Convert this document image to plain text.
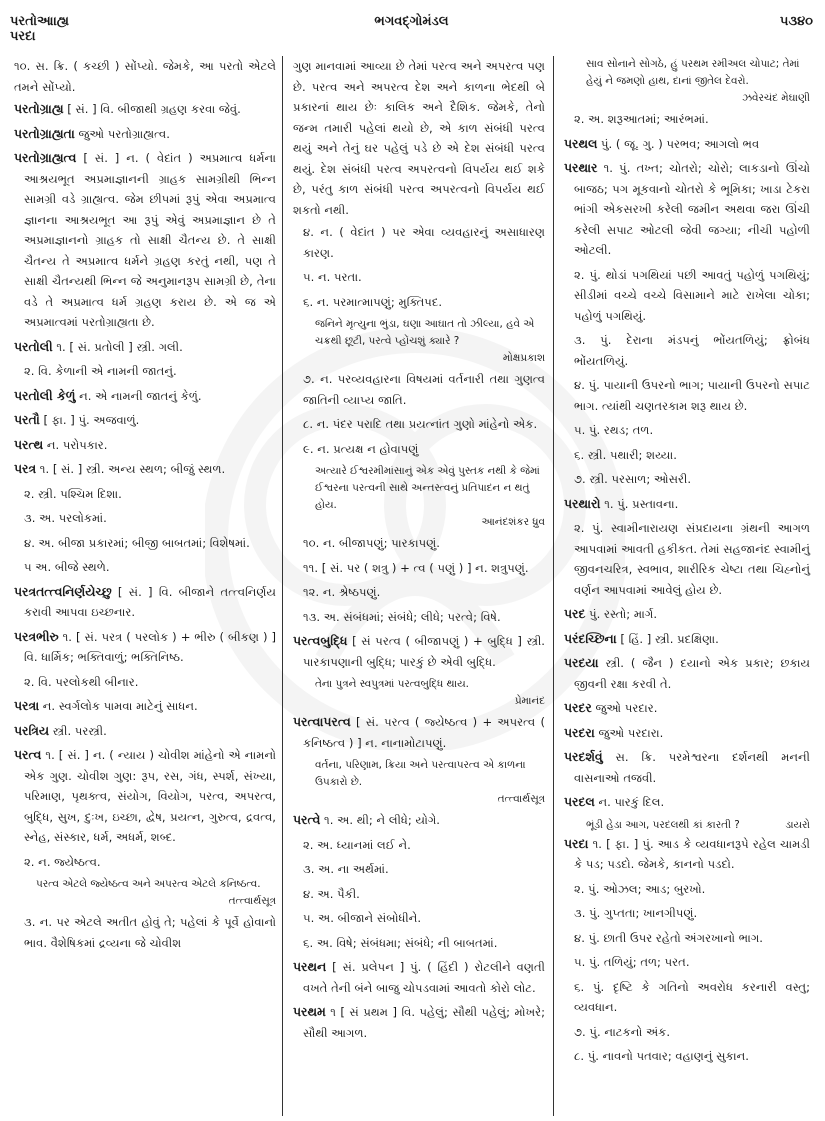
પરતોઆાહ્ય
પરદા
ભગવદ્ગોમંડલ	૫૩૪૦
૧૦. સ. ક્રિ. ( કચ્છી ) સોંપ્યો. જેમકે, આ પરતો એટલે તમને સોંપ્યો.
પરતોગ્રાહ્ય [ સં. ] વિ. બીજાથી ગ્રહણ કરવા જેવું.
પરતોગ્રાહ્યતા જુઓ પરતોગ્રાહ્યત્વ.
પરતોગ્રાહ્યત્વ [ સં. ] ન. ( વેદાંત ) અપ્રમાત્વ ધર્મના આશ્રયભૂત અપ્રમાજ્ઞાનની ગ્રાહક સામગ્રીથી ભિન્ન સામગ્રી વડે ગ્રાહ્યત્વ. જેમ છીપમાં રૂપું એવા અપ્રમાત્વ જ્ઞાનના આશ્રયભૂત આ રૂપું એવું અપ્રમાજ્ઞાન છે તે અપ્રમાજ્ઞાનનો ગ્રાહક તો સાક્ષી ચૈતન્ય છે. તે સાક્ષી ચૈતન્ય તે અપ્રમાત્વ ધર્મને ગ્રહણ કરતું નથી, પણ તે સાક્ષી ચૈતન્યથી ભિન્ન જે અનુમાનરૂપ સામગ્રી છે, તેના વડે તે અપ્રમાત્વ ધર્મ ગ્રહણ કરાય છે. એ જ એ અપ્રમાત્વમાં પરતોગ્રાહ્યતા છે.
પરતોલી ૧. [ સં. પ્રતોલી ] સ્ત્રી. ગલી.
૨. વિ. કેળાની એ નામની જાતનું.
પરતોલી કેળું ન. એ નામની જાતનું કેળું.
પરતૌ [ ફા. ] પું. અજવાળું.
પરત્થ ન. પરોપકાર.
પરત્ર ૧. [ સં. ] સ્ત્રી. અન્ય સ્થળ; બીજું સ્થળ.
૨. સ્ત્રી. પશ્ચિમ દિશા.
૩. અ. પરલોકમાં.
૪. અ. બીજા પ્રકારમાં; બીજી બાબતમાં; વિશેષમાં.
૫ અ. બીજે સ્થળે.
પરત્રતત્ત્વનિર્ણયેચ્છુ [ સં. ] વિ. બીજાને તત્ત્વનિર્ણય કરાવી આપવા ઇચ્છનાર.
પરત્રભીરુ ૧. [ સં. પરત્ર ( પરલોક ) + ભીરુ ( બીકણ ) ] વિ. ધાર્મિક; ભક્તિવાળું; ભક્તિનિષ્ઠ.
૨. વિ. પરલોકથી બીનાર.
પરત્રા ન. સ્વર્ગલોક પામવા માટેનું સાધન.
પરત્રિય સ્ત્રી. પરસ્ત્રી.
પરત્વ ૧. [ સં. ] ન. ( ન્યાય ) ચોવીશ માંહેનો એ નામનો એક ગુણ. ચોવીશ ગુણ: રૂપ, રસ, ગંધ, સ્પર્શ, સંખ્યા, પરિમાણ, પૃથક્ત્વ, સંયોગ, વિયોગ, પરત્વ, અપરત્વ, બુદ્ધિ, સુખ, દુઃખ, ઇચ્છા, દ્વેષ, પ્રયત્ન, ગુરુત્વ, દ્રવત્વ, સ્નેહ, સંસ્કાર, ધર્મ, અધર્મ, શબ્દ.
૨. ન. જ્યેષ્ઠત્વ.
પરત્વ એટલે જ્યેષ્ઠત્વ અને અપરત્વ એટલે કનિષ્ઠત્વ.
તત્ત્વાર્થસૂત્ર
૩. ન. પર એટલે અતીત હોવું તે; પહેલાં કે પૂર્વે હોવાનો ભાવ. વૈશેષિકમાં દ્રવ્યના જે ચોવીશ
ગુણ માનવામાં આવ્યા છે તેમાં પરત્વ અને અપરત્વ પણ છે. પરત્વ અને અપરત્વ દેશ અને કાળના ભેદથી બે પ્રકારનાં થાય છેઃ કાલિક અને દૈશિક. જેમકે, તેનો જન્મ તમારી પહેલાં થયો છે, એ કાળ સંબંધી પરત્વ થયું અને તેનું ઘર પહેલું પડે છે એ દેશ સંબંધી પરત્વ થયું. દેશ સંબંધી પરત્વ અપરત્વનો વિપર્યય થઈ શકે છે, પરંતુ કાળ સંબંધી પરત્વ અપરત્વનો વિપર્યય થઈ શકતો નથી.
૪. ન. ( વેદાંત ) પર એવા વ્યવહારનું અસાધારણ કારણ.
૫. ન. પરતા.
૬. ન. પરમાત્માપણું; મુક્તિપદ.
જનિને મૃત્યુના ભુંડા, ઘણા આઘાત તો ઝીલ્યા, હવે એ ચક્રથી છૂટી, પરત્વે પ્હોંચશું ક્યારે ?
મોક્ષપ્રકાશ
૭. ન. પરવ્યવહારના વિષયમાં વર્તનારી તથા ગુણત્વ જાતિની વ્યાપ્ય જાતિ.
૮. ન. પંદર પરાદિ તથા પ્રયત્નાંત ગુણો માંહેનો એક.
૯. ન. પ્રત્યક્ષ ન હોવાપણું
અત્યારે ઈશ્વરમીમાંસાનું એક એવું પુસ્તક નથી કે જેમાં ઈશ્વરના પરત્વની સાથે અન્તસ્ત્વનું પ્રતિપાદન ન થતું હોય.
આનંદશંકર ધ્રુવ
૧૦. ન. બીજાપણું; પારકાપણું.
૧૧. [ સં. પર ( શત્રુ ) + ત્વ ( પણું ) ] ન. શત્રુપણું.
૧૨. ન. શ્રેષ્ઠપણું.
૧૩. અ. સંબંધમાં; સંબંધે; લીધે; પરત્વે; વિષે.
પરત્વબુદ્ધિ [ સં પરત્વ ( બીજાપણું ) + બુદ્ધિ ] સ્ત્રી. પારકાપણાની બુદ્ધિ; પારકું છે એવી બુદ્ધિ.
તેના પુત્રને સ્વપુત્રમાં પરત્વબુદ્ધિ થાય.
પ્રેમાનંદ
પરત્વાપરત્વ [ સં. પરત્વ ( જ્યેષ્ઠત્વ ) + અપરત્વ ( કનિષ્ઠત્વ ) ] ન. નાનામોટાપણું.
વર્તના, પરિણામ, ક્રિયા અને પરત્વાપરત્વ એ કાળના ઉપકારો છે.
તત્ત્વાર્થસૂત્ર
પરત્વે ૧. અ. થી; ને લીધે; યોગે.
૨. અ. ધ્યાનમાં લઈ ને.
૩. અ. ના અર્થમાં.
૪. અ. પૈકી.
૫. અ. બીજાને સંબોધીને.
૬. અ. વિષે; સંબંધમા; સંબંધે; ની બાબતમાં.
પરથન [ સં. પ્રલેપન ] પું. ( હિંદી ) રોટલીને વણતી વખતે તેની બંને બાજુ ચોપડવામાં આવતો કોરો લોટ.
પરથમ ૧ [ સં પ્રથમ ] વિ. પહેલું; સૌથી પહેલું; મોખરે; સૌથી આગળ.
સાવ સોનાને સોગઠે, હું પરથમ રમીઅલ ચોપાટ; તેમાં હેયું ને જમણો હાથ, દાનાં જીતેલ દેવરો.
ઝવેરચંદ મેઘાણી
૨. અ. શરૂઆતમાં; આરંભમાં.
પરથલ પું. ( જૂ. ગુ. ) પરભવ; આગલો ભવ
પરથાર ૧. પું. તખ્ત; ચોતરો; ચોરો; લાકડાનો ઊંચો બાજઠ; પગ મૂકવાનો ચોતરો કે ભૂમિકા; ખાડા ટેકરા ભાંગી એકસરખી કરેલી જમીન અથવા જરા ઊંચી કરેલી સપાટ ઓટલી જેવી જગ્યા; નીચી પહોળી ઓટલી.
૨. પું. થોડાં પગથિયાં પછી આવતું પહોળું પગથિયું; સીડીમાં વચ્ચે વચ્ચે વિસામાને માટે રાખેલા ચોકા; પહોળું પગથિયું.
૩. પું. દેરાના મંડપનું ભોંયતળિયું; ફ્રોબંધ ભોંયતળિયું.
૪. પું. પાયાની ઉપરનો ભાગ; પાયાની ઉપરનો સપાટ ભાગ. ત્યાંથી ચણતરકામ શરૂ થાય છે.
૫. પું. રથડ; તળ.
૬. સ્ત્રી. પથારી; શય્યા.
૭. સ્ત્રી. પરસાળ; ઓસરી.
પરથારો ૧. પું. પ્રસ્તાવના.
૨. પું. સ્વામીનારાયણ સંપ્રદાયના ગ્રંથની આગળ આપવામાં આવતી હકીકત. તેમાં સહજાનંદ સ્વામીનું જીવનચરિત્ર, સ્વભાવ, શારીરિક ચેષ્ટા તથા ચિહ્નોનું વર્ણન આપવામાં આવેલું હોય છે.
પરદ પું. રસ્તો; માર્ગ.
પરંદચ્છિના [ હિં. ] સ્ત્રી. પ્રદક્ષિણા.
પરદયા સ્ત્રી. ( જૈન ) દયાનો એક પ્રકાર; છકાય જીવની રક્ષા કરવી તે.
પરદર જુઓ પરદાર.
પરદરા જુઓ પરદારા.
પરદર્શવું સ. ક્રિ. પરમેશ્વરના દર્શનથી મનની વાસનાઓ તજવી.
પરદલ ન. પારકું દિલ.
ભૂંડી હેડા આગ, પરદલથી કાં કારતી ?	ડાયરો
પરદા ૧. [ ફા. ] પું. આડ કે વ્યવધાનરૂપે રહેલ ચામડી કે પડ; પડદો. જેમકે, કાનનો પડદો.
૨. પું. ઓઝલ; આડ; બુરખો.
૩. પું. ગુપ્તતા; ખાનગીપણું.
૪. પું. છાતી ઉપર રહેતો અંગરખાનો ભાગ.
૫. પું. તળિયું; તળ; પરત.
૬. પું. દૃષ્ટિ કે ગતિનો અવરોધ કરનારી વસ્તુ; વ્યવધાન.
૭. પું. નાટકનો અંક.
૮. પું. નાવનો પતવાર; વહાણનું સુકાન.
